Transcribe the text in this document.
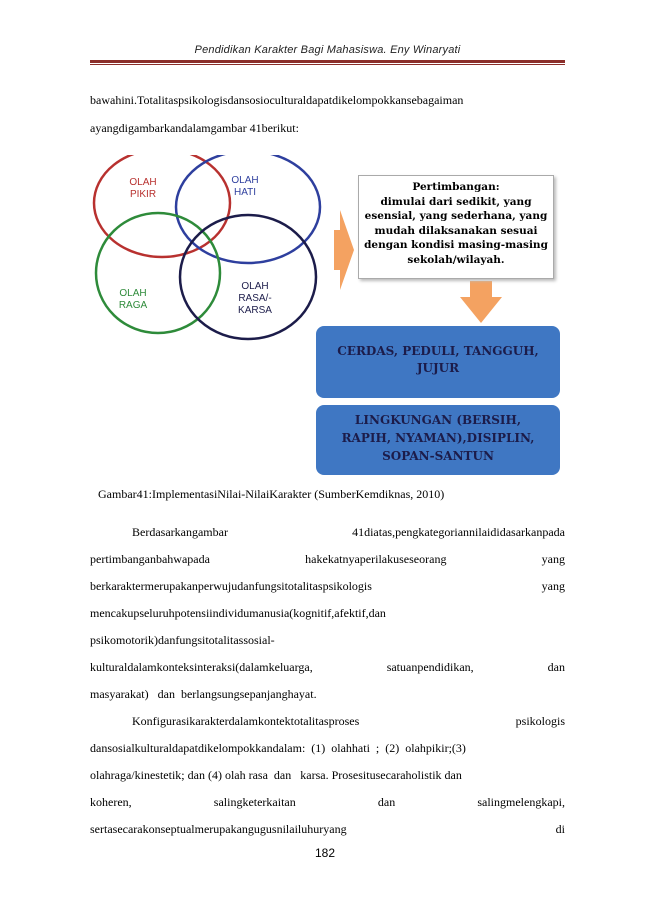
Pendidikan Karakter Bagi Mahasiswa. Eny Winaryati
bawahini.Totalitaspsikologisdansosioculturaldapatdikelompokkansebagaiman
ayangdigambarkandalamgambar 41berikut:
OLAH
PIKIR
OLAH
HATI
OLAH
RAGA
OLAH
RASA/-
KARSA
Pertimbangan:
dimulai dari sedikit, yang
esensial, yang sederhana, yang
mudah dilaksanakan sesuai
dengan kondisi masing-masing
sekolah/wilayah.
CERDAS, PEDULI, TANGGUH,
JUJUR
LINGKUNGAN (BERSIH,
RAPIH, NYAMAN),DISIPLIN,
SOPAN-SANTUN
Gambar41:ImplementasiNilai-NilaiKarakter (SumberKemdiknas, 2010)
Berdasarkangambar	41diatas,pengkategoriannilaididasarkanpada
pertimbanganbahwapada	hakekatnyaperilakuseseorang	yang
berkaraktermerupakanperwujudanfungsitotalitaspsikologis	yang
mencakupseluruhpotensiindividumanusia(kognitif,afektif,dan
psikomotorik)danfungsitotalitassosial-
kulturaldalamkonteksinteraksi(dalamkeluarga,	satuanpendidikan,	dan
masyarakat)   dan  berlangsungsepanjanghayat.
Konfigurasikarakterdalamkontektotalitasproses	psikologis
dansosialkulturaldapatdikelompokkandalam:  (1)  olahhati  ;  (2)  olahpikir;(3)
olahraga/kinestetik; dan (4) olah rasa  dan   karsa. Prosesitusecaraholistik dan
koheren,	salingketerkaitan	dan	salingmelengkapi,
sertasecarakonseptualmerupakangugusnilailuhuryang	di
182
